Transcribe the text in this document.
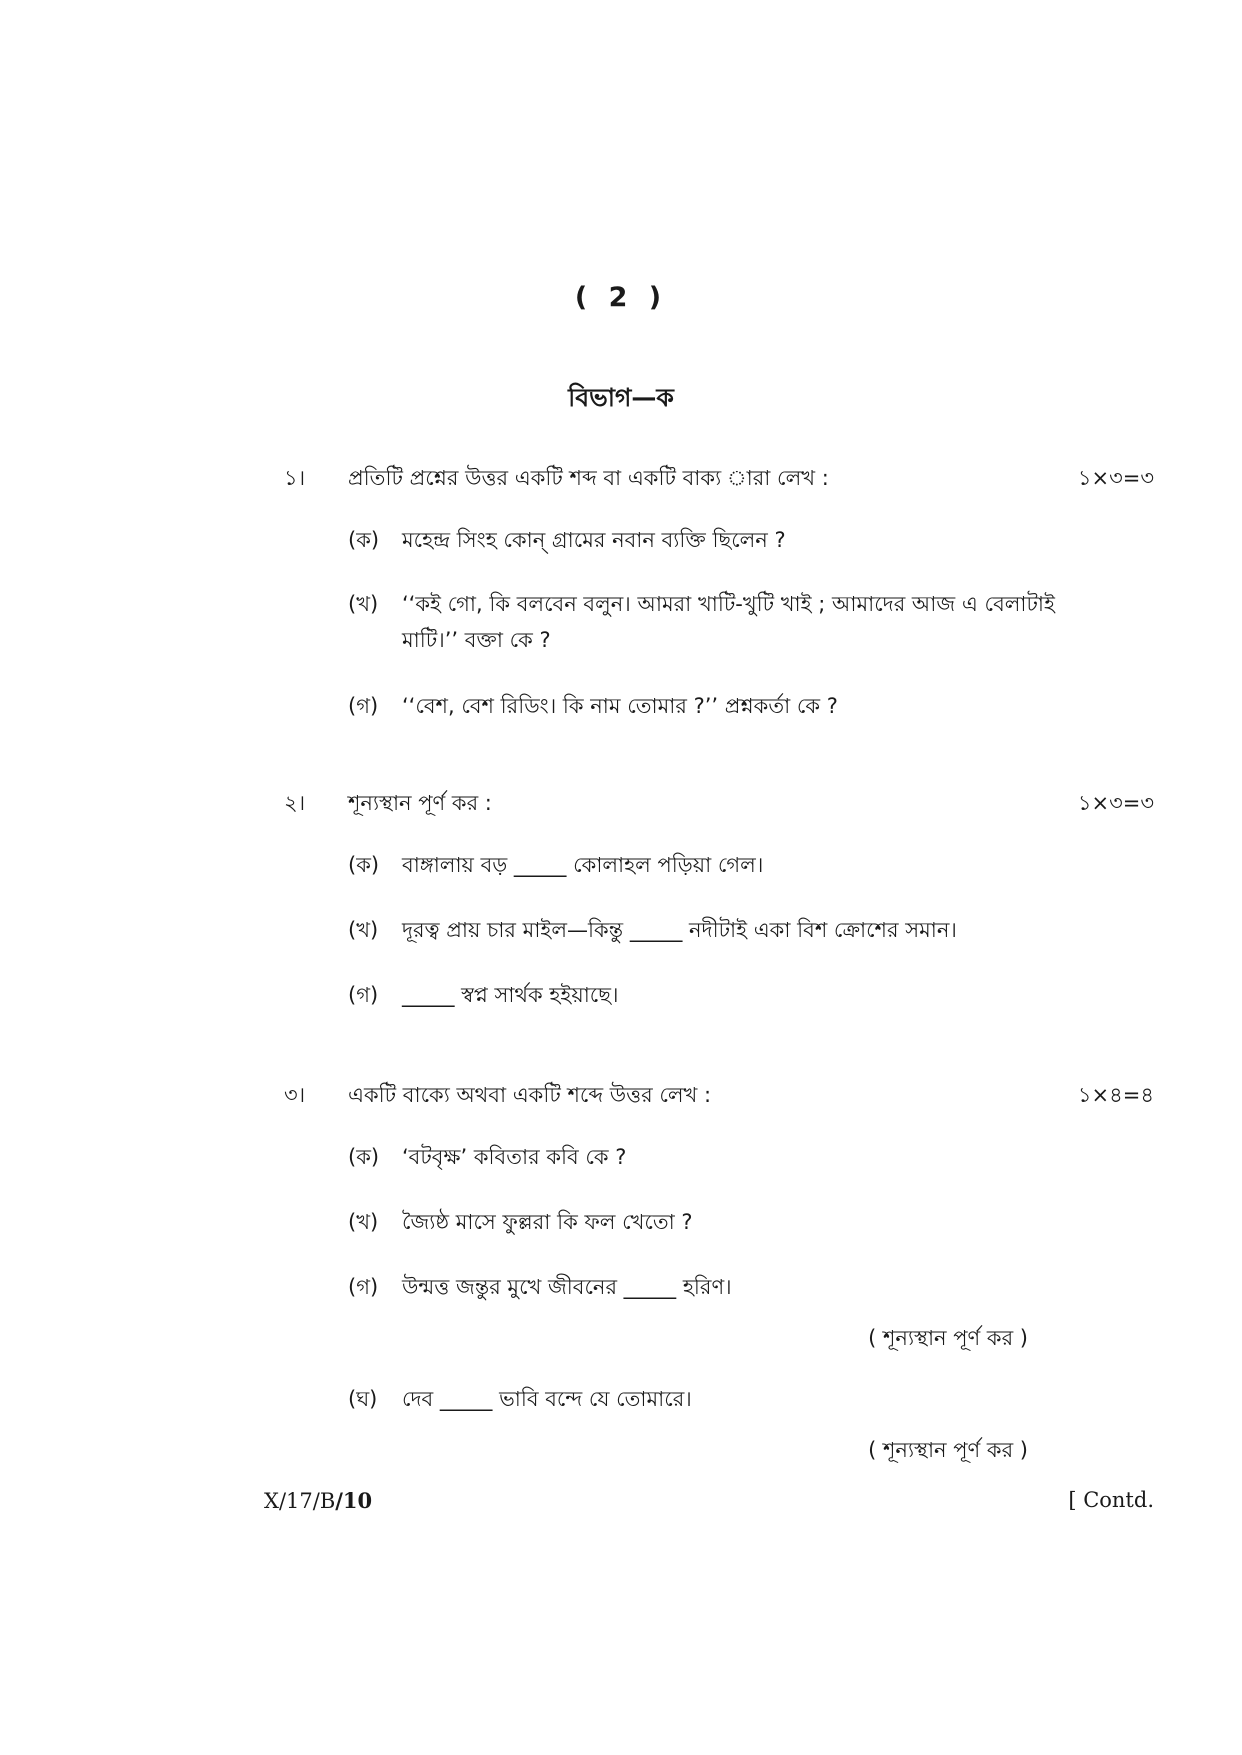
( 2 )
বিভাগ—ক
১। প্রতিটি প্রশ্নের উত্তর একটি শব্দ বা একটি বাক্য ারা লেখ :	১×৩=৩
(ক) মহেন্দ্র সিংহ কোন্ গ্রামের নবান ব্যক্তি ছিলেন ?
(খ) ‘‘কই গো, কি বলবেন বলুন। আমরা খাটি-খুটি খাই ; আমাদের আজ এ বেলাটাই মাটি।’’ বক্তা কে ?
(গ) ‘‘বেশ, বেশ রিডিং। কি নাম তোমার ?’’ প্রশ্নকর্তা কে ?
২। শূন্যস্থান পূর্ণ কর :	১×৩=৩
(ক) বাঙ্গালায় বড় _____ কোলাহল পড়িয়া গেল।
(খ) দূরত্ব প্রায় চার মাইল—কিন্তু _____ নদীটাই একা বিশ ক্রোশের সমান।
(গ) _____ স্বপ্ন সার্থক হইয়াছে।
৩। একটি বাক্যে অথবা একটি শব্দে উত্তর লেখ :	১×৪=৪
(ক) ‘বটবৃক্ষ’ কবিতার কবি কে ?
(খ) জ্যৈষ্ঠ মাসে ফুল্লরা কি ফল খেতো ?
(গ) উন্মত্ত জন্তুর মুখে জীবনের _____ হরিণ।
( শূন্যস্থান পূর্ণ কর )
(ঘ) দেব _____ ভাবি বন্দে যে তোমারে।
( শূন্যস্থান পূর্ণ কর )
X/17/B/10	[ Contd.
